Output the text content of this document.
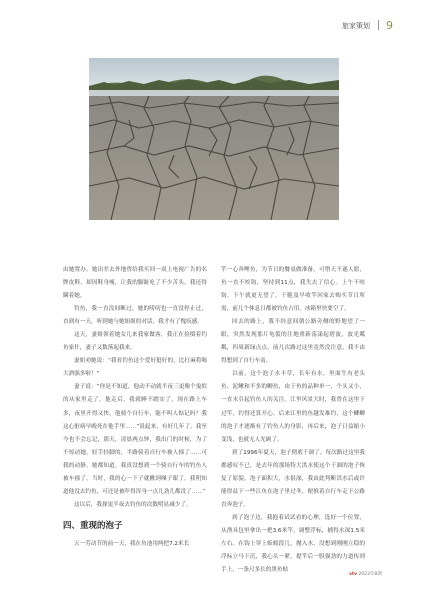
旅家策划 9

由她置办。她出差去外地曾给我买回一双上电视广告的名牌皮鞋，却因鞋身瘦，让我的脚趾吃了不少苦头，我还得瞒着她。

钓鱼，我一直没间断过，她的唠叨也一直没停止过，直到有一天，听到她与她姐姐的对话，我才有了愧疚感。

这天，妻姐领着她女儿来我家做客，我正在捡掇着钓鱼家什，妻子又数落起我来。

妻姐劝她说：“我看钓鱼这个爱好挺好的，比打麻将喝大酒强多啦！”

妻子说：“你是不知道，他动不动就半夜三更像个鬼似的从家里走了，他走后，我就睡不踏实了，现在路上车多，夜里开得又快，他骑个自行车，能不叫人惦记吗？我这心脏病早晚死在他手里……”说起来，有好几年了，我至今也不会忘记，那天，凌晨两点钟，我出门的时候，为了不惊动她，轻手轻脚的，半路骑着自行车被人撞了……可我的动静，她都知道。我真没想到一个骑自行车的钓鱼人被车撞了，当时，我的心一下子就揪到嗓子眼了。我明知道他没去钓鱼，可还是被吓得浑身一点儿劲儿都没了……”

这以后，我探更半夜去钓鱼的次数明显减少了。

四、重现的泡子

五一劳动节的前一天，我在鱼池用两把7.2米长

竿一心奔鲤鱼，为节日的餐桌做准备。可惜天不遂人愿，鱼一直不咬钩，坚持到11点，我失去了信心。上午不咬钩，下午就更无望了，干脆及早收竿回家去购买节日所需，前几个休息日都被钓鱼占用，冰箱里快要空了。

回去的路上，我不经意间朝公路旁侧的野地望了一眼，突然发现那片龟裂的注地重新荡漾起碧波，波光粼粼，四周新绿点点，前几次路过这里竟然没注意，我不由得想到了自行车南。

以前，这个泡子水丰草，长年有水，里面生有老头鱼、泥鳅和不多的鲫鱼，由于鱼的品种单一，个头又小，一直未引起钓鱼人的关注。江里风景大时，我曾在这里下过竿，钓得还算开心。后来江里的鱼越发难钓，这个鲫鲫的泡子才逐渐有了钓鱼人的身影，再后来，泡子日益缩小变浅，也就无人光顾了。

到了1996年夏天，泡子彻底干涸了。每次路过这里我都感叹不已，是去年的那场特大洪水使这个干涸的泡子恢复了原貌，泡子面积大，水很深，我由此判断洪水后或许能得益下一些江鱼在泡子里过冬，便推着自行车走下公路直奔泡子。

到了泡子边，我抱着试试看的心理，选好一个位置，从渔具包里拿出一把3.6米竿，调整浮标，捕得水深1.5米左右。在钩上穿上蚯蚓段几，抛入水，没想到刚刚立稳的浮标立马下沉，我心头一紧，提竿后一股强劲的力道传到手上，一条尺多长的黑鱼贴

vtv 2023年8期
